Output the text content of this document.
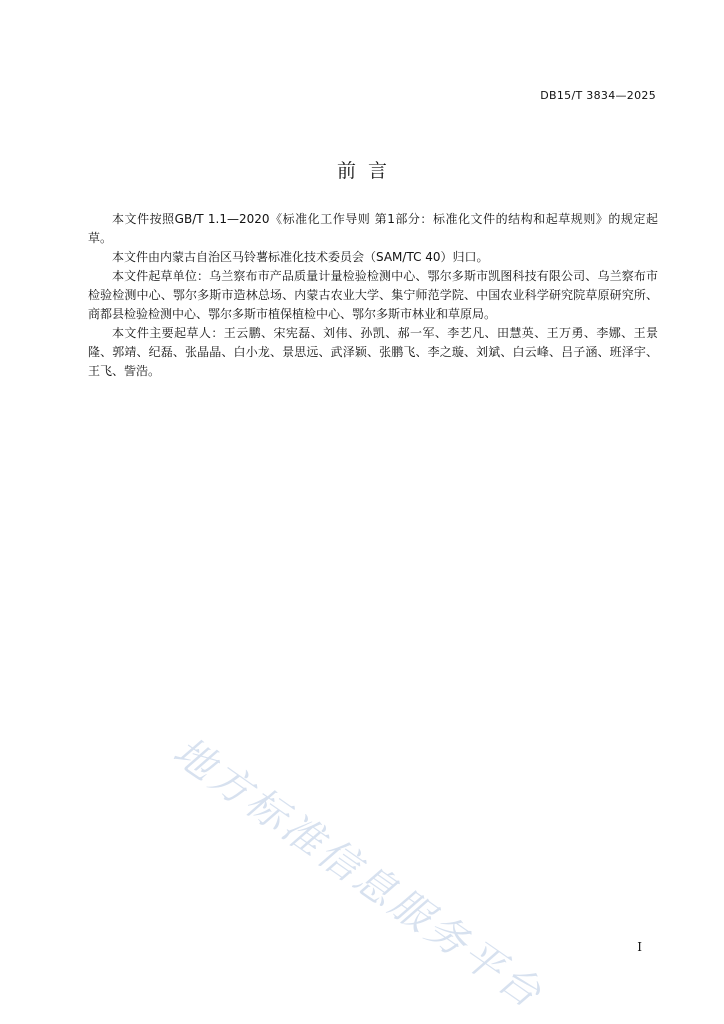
DB15/T 3834—2025
前  言

本文件按照GB/T 1.1—2020《标准化工作导则 第1部分：标准化文件的结构和起草规则》的规定起草。

本文件由内蒙古自治区马铃薯标准化技术委员会（SAM/TC 40）归口。

本文件起草单位：乌兰察布市产品质量计量检验检测中心、鄂尔多斯市凯图科技有限公司、乌兰察布市检验检测中心、鄂尔多斯市造林总场、内蒙古农业大学、集宁师范学院、中国农业科学研究院草原研究所、商都县检验检测中心、鄂尔多斯市植保植检中心、鄂尔多斯市林业和草原局。

本文件主要起草人：王云鹏、宋宪磊、刘伟、孙凯、郝一军、李艺凡、田慧英、王万勇、李娜、王景隆、郭靖、纪磊、张晶晶、白小龙、景思远、武泽颖、张鹏飞、李之璇、刘斌、白云峰、吕子涵、班泽宇、王飞、訾浩。

地方标准信息服务平台	I
